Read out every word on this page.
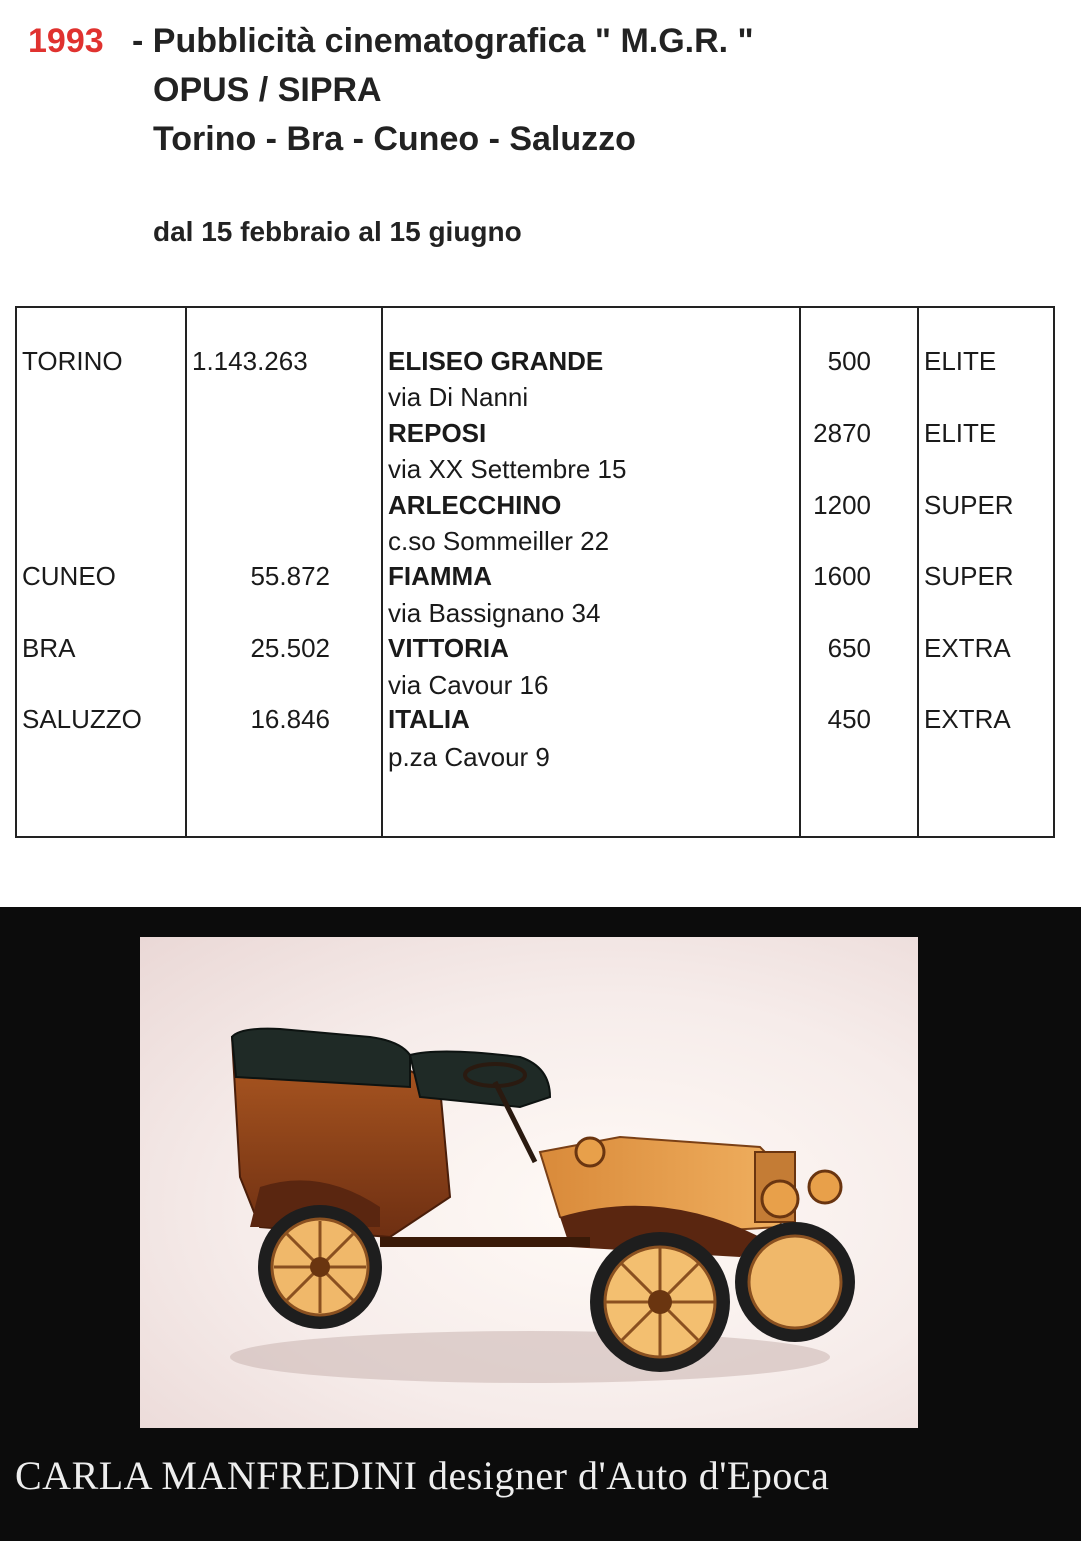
1993 - Pubblicità cinematografica " M.G.R. "
OPUS / SIPRA
Torino - Bra - Cuneo - Saluzzo
dal 15 febbraio al 15 giugno
TORINO
CUNEO
BRA
SALUZZO
1.143.263
55.872
25.502
16.846
ELISEO GRANDE
via Di Nanni
REPOSI
via XX Settembre 15
ARLECCHINO
c.so Sommeiller 22
FIAMMA
via Bassignano 34
VITTORIA
via Cavour 16
ITALIA
p.za Cavour 9
500
2870
1200
1600
650
450
ELITE
ELITE
SUPER
SUPER
EXTRA
EXTRA
CARLA MANFREDINI designer d'Auto d'Epoca
